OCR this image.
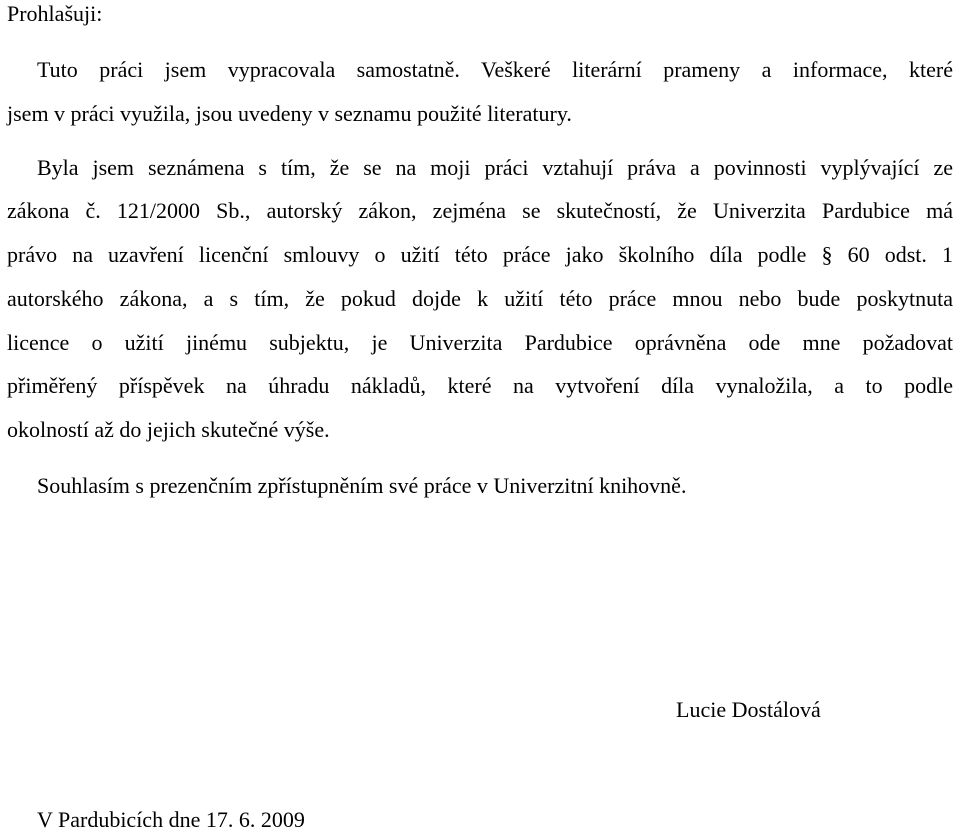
Prohlašuji:
Tuto práci jsem vypracovala samostatně. Veškeré literární prameny a informace, které
jsem v práci využila, jsou uvedeny v seznamu použité literatury.
Byla jsem seznámena s tím, že se na moji práci vztahují práva a povinnosti vyplývající ze
zákona č. 121/2000 Sb., autorský zákon, zejména se skutečností, že Univerzita Pardubice má
právo na uzavření licenční smlouvy o užití této práce jako školního díla podle § 60 odst. 1
autorského zákona, a s tím, že pokud dojde k užití této práce mnou nebo bude poskytnuta
licence o užití jinému subjektu, je Univerzita Pardubice oprávněna ode mne požadovat
přiměřený příspěvek na úhradu nákladů, které na vytvoření díla vynaložila, a to podle
okolností až do jejich skutečné výše.
Souhlasím s prezenčním zpřístupněním své práce v Univerzitní knihovně.
Lucie Dostálová
V Pardubicích dne 17. 6. 2009
